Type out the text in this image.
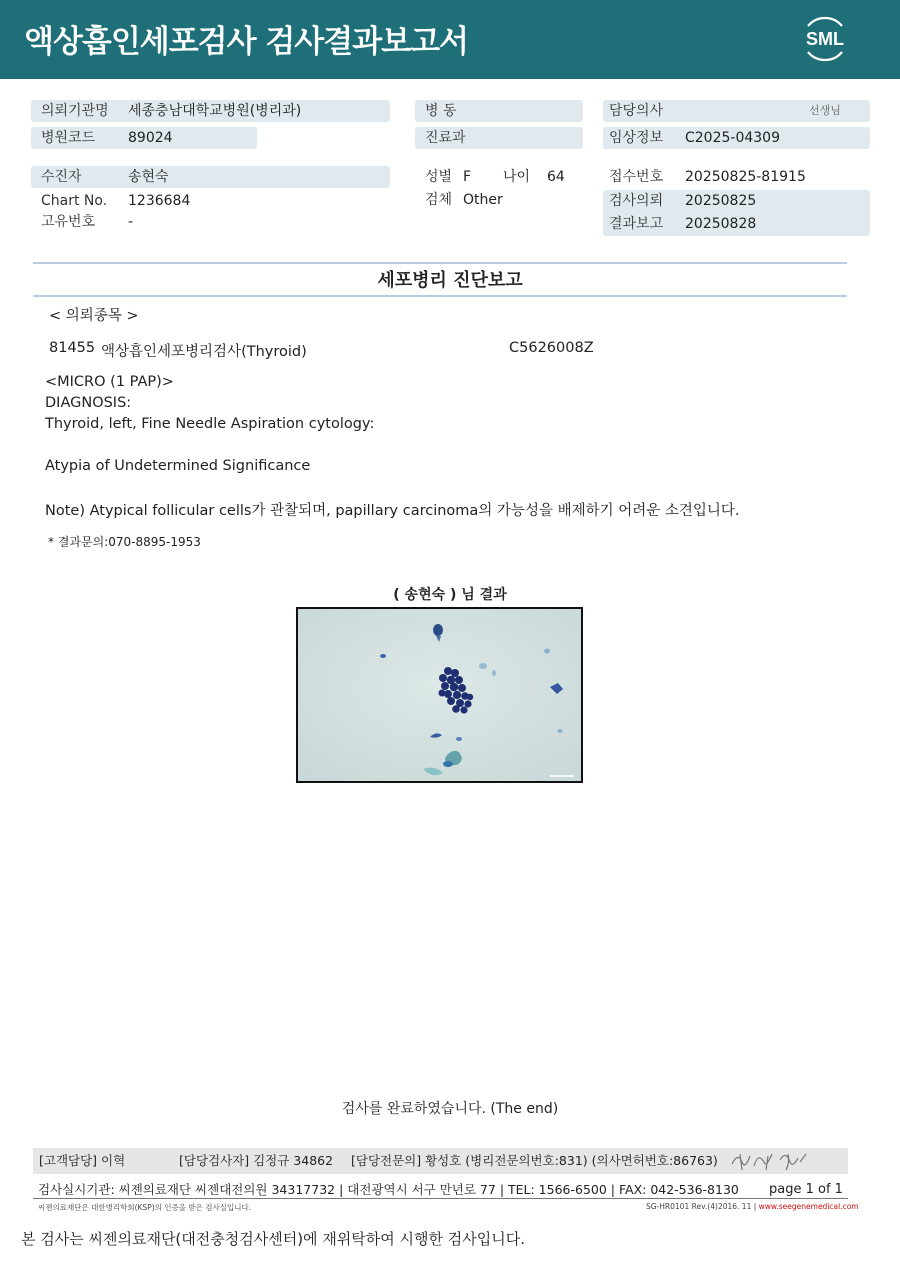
액상흡인세포검사 검사결과보고서	SML
의뢰기관명 세종충남대학교병원(병리과)
병원코드 89024
병 동
진료과
담당의사	선생님
임상정보 C2025-04309
수진자	송현숙
Chart No. 1236684
고유번호 -
성별 F 나이 64
검체 Other
접수번호 20250825-81915
검사의뢰 20250825
결과보고 20250828
세포병리 진단보고
< 의뢰종목 >
81455 액상흡인세포병리검사(Thyroid)	C5626008Z
<MICRO (1 PAP)>
DIAGNOSIS:
Thyroid, left, Fine Needle Aspiration cytology:
Atypia of Undetermined Significance
Note) Atypical follicular cells가 관찰되며, papillary carcinoma의 가능성을 배제하기 어려운 소견입니다.
* 결과문의:070-8895-1953
( 송현숙 ) 님 결과
검사를 완료하였습니다. (The end)
[고객담당] 이혁	[담당검사자] 김정규 34862 [담당전문의] 황성호 (병리전문의번호:831) (의사면허번호:86763)
검사실시기관: 씨젠의료재단 씨젠대전의원 34317732 | 대전광역시 서구 만년로 77 | TEL: 1566-6500 | FAX: 042-536-8130 page 1 of 1
씨젠의료재단은 대한병리학회(KSP)의 인증을 받은 검사실입니다.	SG-HR0101 Rev.(4)2016. 11 | www.seegenemedical.com
본 검사는 씨젠의료재단(대전충청검사센터)에 재위탁하여 시행한 검사입니다.
